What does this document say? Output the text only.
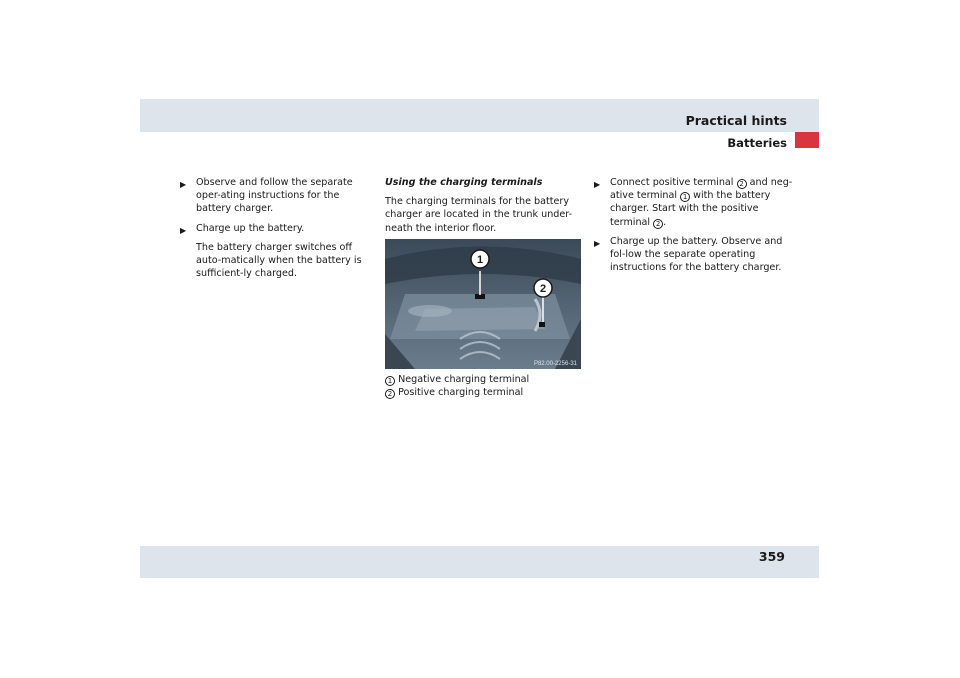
Practical hints
Batteries
▶ Observe and follow the separate oper-ating instructions for the battery charger.
▶ Charge up the battery.
The battery charger switches off auto-matically when the battery is sufficient-ly charged.
Using the charging terminals
The charging terminals for the battery charger are located in the trunk under-neath the interior floor.
1
2
P82.00-2256-31
1 Negative charging terminal
2 Positive charging terminal
▶ Connect positive terminal 2 and neg-ative terminal 1 with the battery charger. Start with the positive terminal 2 .
▶ Charge up the battery. Observe and fol-low the separate operating instructions for the battery charger.
359
